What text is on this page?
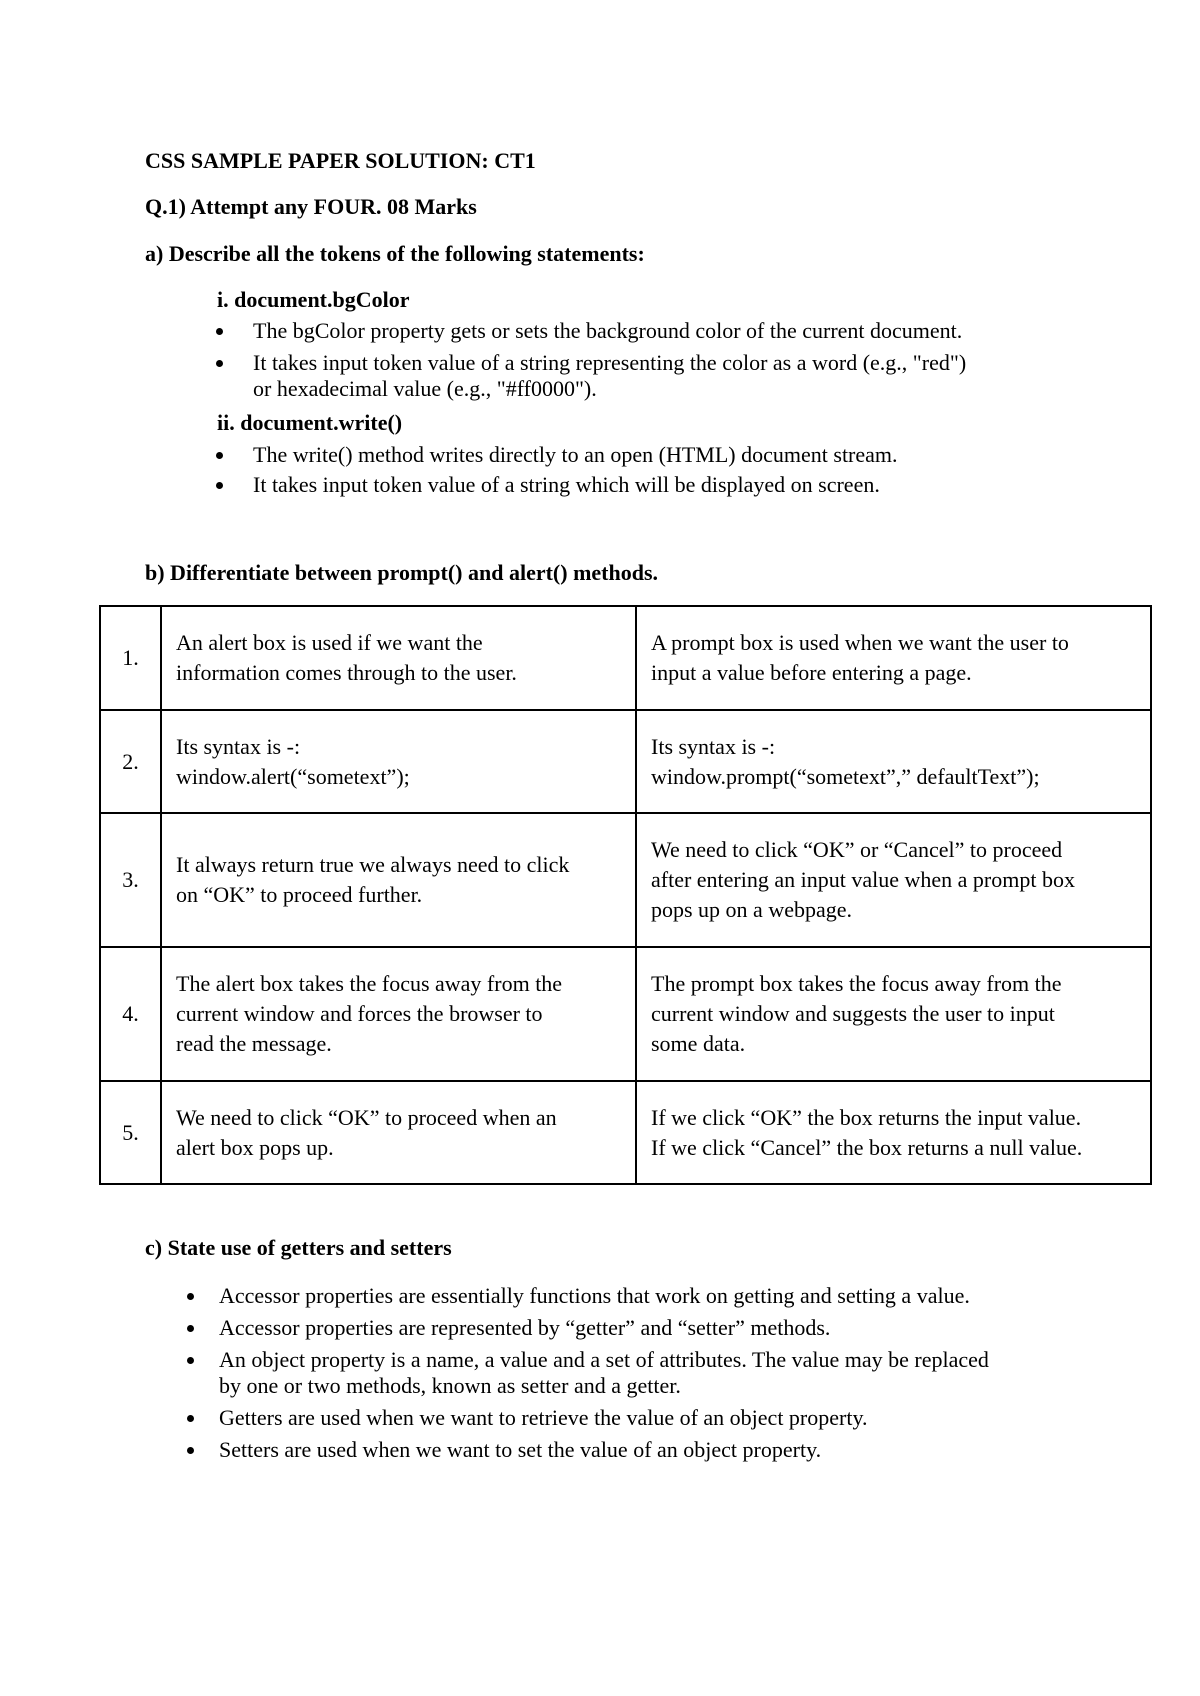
CSS SAMPLE PAPER SOLUTION: CT1
Q.1) Attempt any FOUR. 08 Marks
a) Describe all the tokens of the following statements:
i. document.bgColor
The bgColor property gets or sets the background color of the current document.
It takes input token value of a string representing the color as a word (e.g., "red")
or hexadecimal value (e.g., "#ff0000").
ii. document.write()
The write() method writes directly to an open (HTML) document stream.
It takes input token value of a string which will be displayed on screen.
b) Differentiate between prompt() and alert() methods.
1.	An alert box is used if we want the
information comes through to the user.	A prompt box is used when we want the user to
input a value before entering a page.

2.	Its syntax is -:
window.alert(“sometext”);	Its syntax is -:
window.prompt(“sometext”,” defaultText”);

3.	It always return true we always need to click
on “OK” to proceed further.	We need to click “OK” or “Cancel” to proceed
after entering an input value when a prompt box
pops up on a webpage.

4.	The alert box takes the focus away from the
current window and forces the browser to
read the message.	The prompt box takes the focus away from the
current window and suggests the user to input
some data.

5.	We need to click “OK” to proceed when an
alert box pops up.	If we click “OK” the box returns the input value.
If we click “Cancel” the box returns a null value.
c) State use of getters and setters
Accessor properties are essentially functions that work on getting and setting a value.
Accessor properties are represented by “getter” and “setter” methods.
An object property is a name, a value and a set of attributes. The value may be replaced
by one or two methods, known as setter and a getter.
Getters are used when we want to retrieve the value of an object property.
Setters are used when we want to set the value of an object property.
